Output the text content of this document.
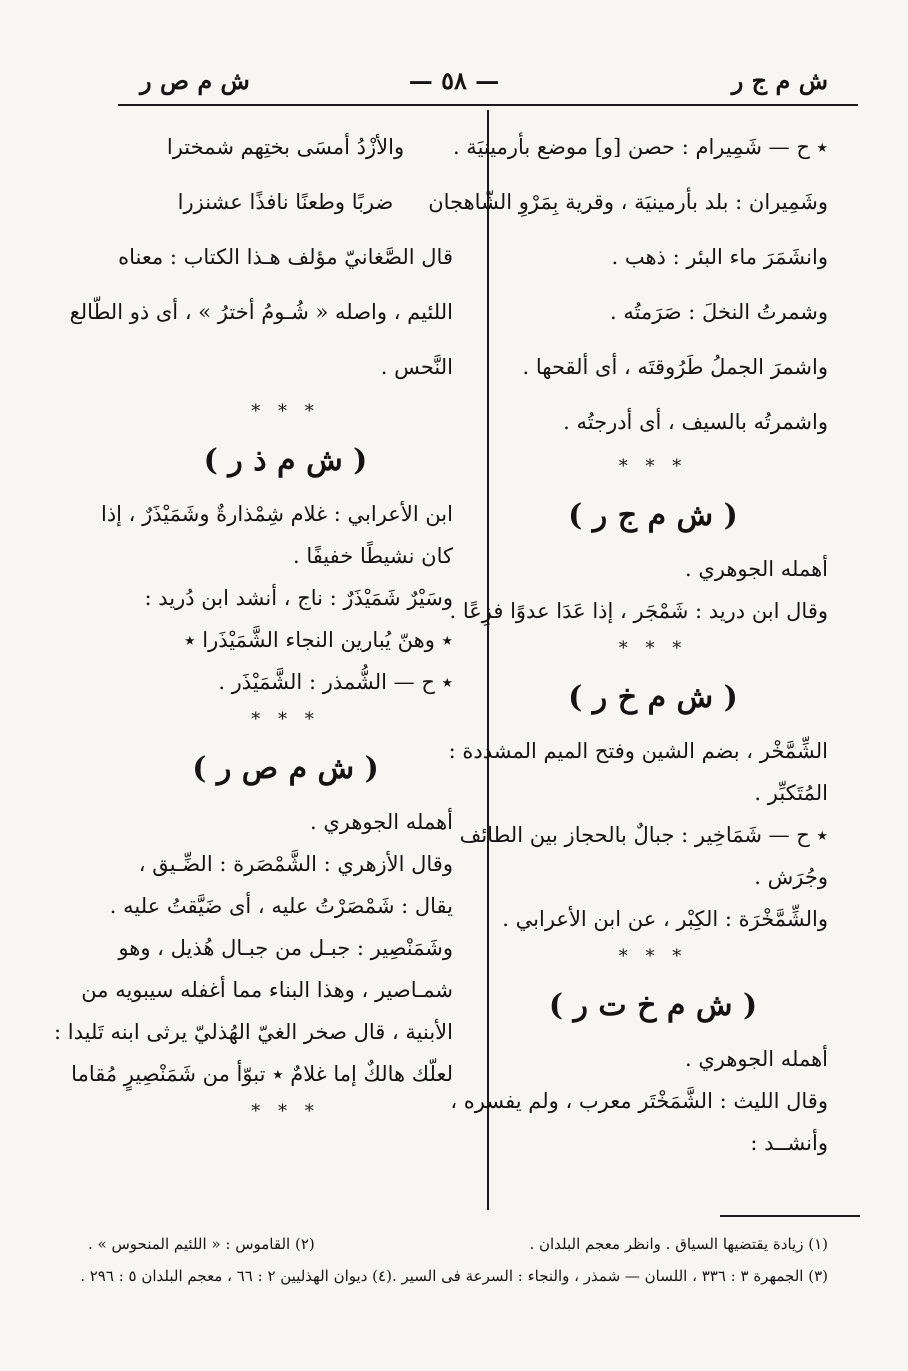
ش م ج ر
— ٥٨ —
ش م ص ر
٭ ح — شَمِيرام : حصن [و] موضع بأرمينيَة .
وشَمِيران : بلد بأرمينيَة ، وقرية بِمَرْوِ الشّاهجان
وانشَمَرَ ماء البئر : ذهب .
وشمرتُ النخلَ : صَرَمتُه .
واشمرَ الجملُ طَرُوقتَه ، أى ألقحها .
واشمرتُه بالسيف ، أى أدرجتُه .
* * *
( ش م ج ر )
أهمله الجوهري .
وقال ابن دريد : شَمْجَر ، إذا عَدَا عدوًا فزِعًا .
* * *
( ش م خ ر )
الشِّمَّخْر ، بضم الشين وفتح الميم المشددة :
المُتَكبِّر .
٭ ح — شَمَاخِير : جبالٌ بالحجاز بين الطائف
وجُرَش .
والشِّمَّخْرَة : الكِبْر ، عن ابن الأعرابي .
* * *
( ش م خ ت ر )
أهمله الجوهري .
وقال الليث : الشَّمَخْتَر معرب ، ولم يفسره ،
وأنشــد :
والأزْدُ أمسَى بختِهم شمخترا
ضربًا وطعنًا نافذًا عشنزرا
قال الصَّغانيّ مؤلف هـذا الكتاب : معناه
اللئيم ، واصله « شُـومُ أخترُ » ، أى ذو الطّالع
النَّحس .
* * *
( ش م ذ ر )
ابن الأعرابي : غلام شِمْذارةٌ وشَمَيْذَرٌ ، إذا
كان نشيطًا خفيفًا .
وسَيْرٌ شَمَيْذَرٌ : ناج ، أنشد ابن دُريد :
٭ وهنّ يُبارين النجاء الشَّمَيْذَرا ٭
٭ ح — الشُّمذر : الشَّمَيْذَر .
* * *
( ش م ص ر )
أهمله الجوهري .
وقال الأزهري : الشَّمْصَرة : الضِّـيق ،
يقال : شَمْصَرْتُ عليه ، أى ضَيَّقتُ عليه .
وشَمَنْصِير : جبـل من جبـال هُذيل ، وهو
شمـاصير ، وهذا البناء مما أغفله سيبويه من
الأبنية ، قال صخر الغيّ الهُذليّ يرثى ابنه تَليدا :
لعلّك هالكٌ إما غلامٌ ٭ تبوّأ من شَمَنْصِيرٍ مُقاما
* * *
(١) زيادة يقتضيها السياق . وانظر معجم البلدان .
(٢) القاموس : « اللئيم المنحوس » .
(٣) الجمهرة ٣ : ٣٣٦ ، اللسان — شمذر ، والنجاء : السرعة فى السير .
(٤) ديوان الهذليين ٢ : ٦٦ ، معجم البلدان ٥ : ٢٩٦ .
